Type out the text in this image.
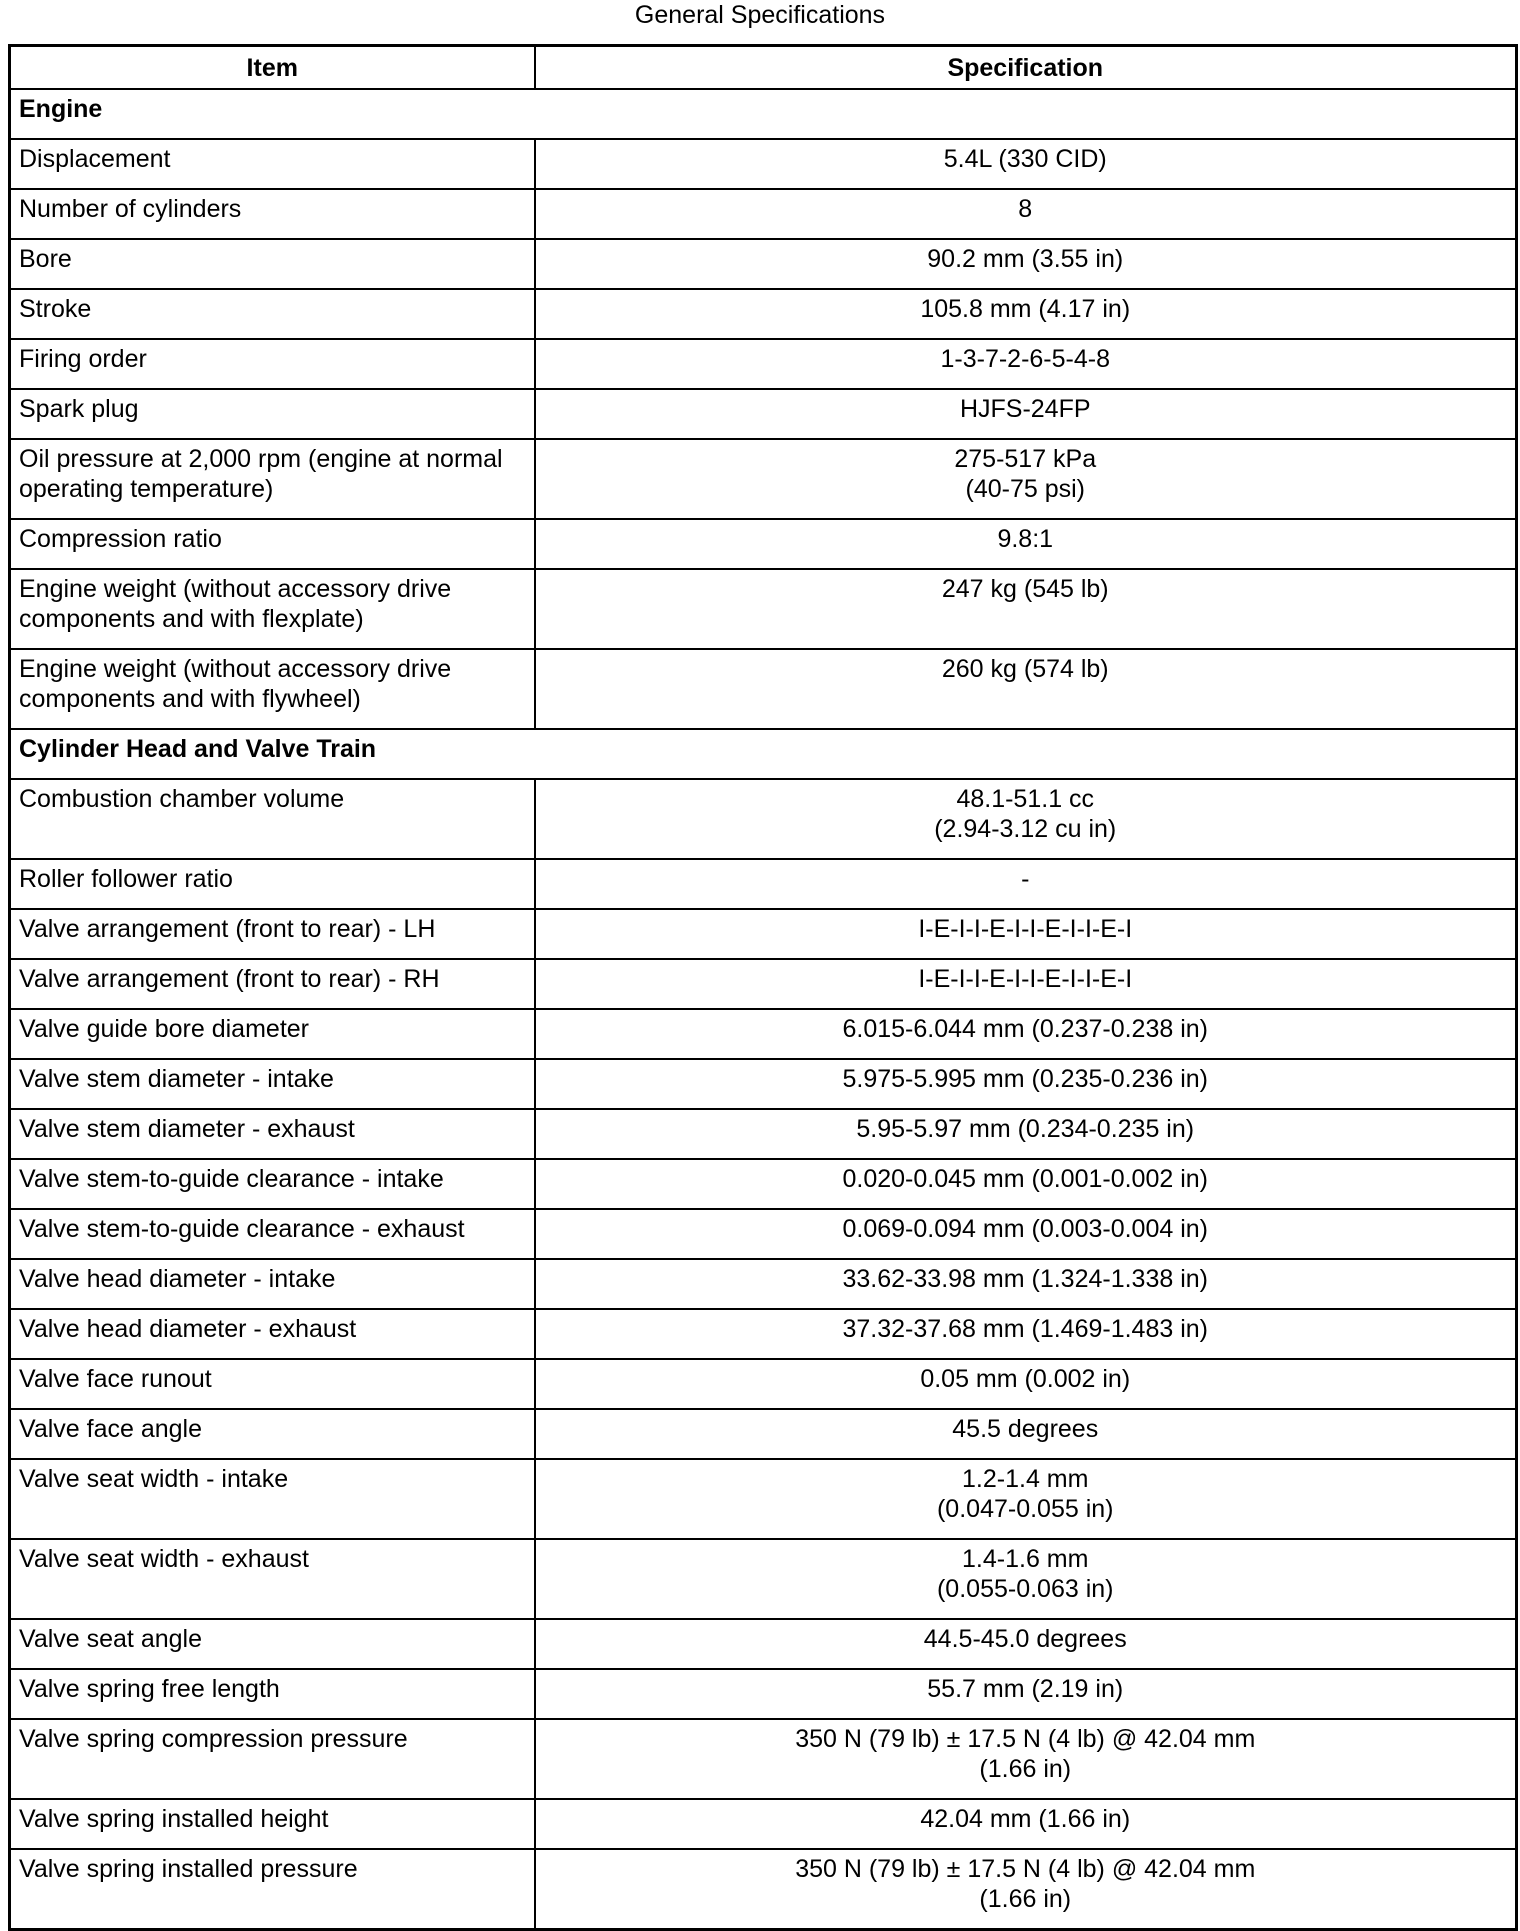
General Specifications
Item	Specification
Engine	

Displacement	5.4L (330 CID)

Number of cylinders	8

Bore	90.2 mm (3.55 in)

Stroke	105.8 mm (4.17 in)

Firing order	1-3-7-2-6-5-4-8

Spark plug	HJFS-24FP

Oil pressure at 2,000 rpm (engine at normal
operating temperature)	275-517 kPa
(40-75 psi)

Compression ratio	9.8:1

Engine weight (without accessory drive
components and with flexplate)	247 kg (545 lb)

Engine weight (without accessory drive
components and with flywheel)	260 kg (574 lb)

Cylinder Head and Valve Train	

Combustion chamber volume	48.1-51.1 cc
(2.94-3.12 cu in)

Roller follower ratio	-

Valve arrangement (front to rear) - LH	I-E-I-I-E-I-I-E-I-I-E-I

Valve arrangement (front to rear) - RH	I-E-I-I-E-I-I-E-I-I-E-I

Valve guide bore diameter	6.015-6.044 mm (0.237-0.238 in)

Valve stem diameter - intake	5.975-5.995 mm (0.235-0.236 in)

Valve stem diameter - exhaust	5.95-5.97 mm (0.234-0.235 in)

Valve stem-to-guide clearance - intake	0.020-0.045 mm (0.001-0.002 in)

Valve stem-to-guide clearance - exhaust	0.069-0.094 mm (0.003-0.004 in)

Valve head diameter - intake	33.62-33.98 mm (1.324-1.338 in)

Valve head diameter - exhaust	37.32-37.68 mm (1.469-1.483 in)

Valve face runout	0.05 mm (0.002 in)

Valve face angle	45.5 degrees

Valve seat width - intake	1.2-1.4 mm
(0.047-0.055 in)

Valve seat width - exhaust	1.4-1.6 mm
(0.055-0.063 in)

Valve seat angle	44.5-45.0 degrees

Valve spring free length	55.7 mm (2.19 in)

Valve spring compression pressure	350 N (79 lb) ± 17.5 N (4 lb) @ 42.04 mm
(1.66 in)

Valve spring installed height	42.04 mm (1.66 in)

Valve spring installed pressure	350 N (79 lb) ± 17.5 N (4 lb) @ 42.04 mm
(1.66 in)
